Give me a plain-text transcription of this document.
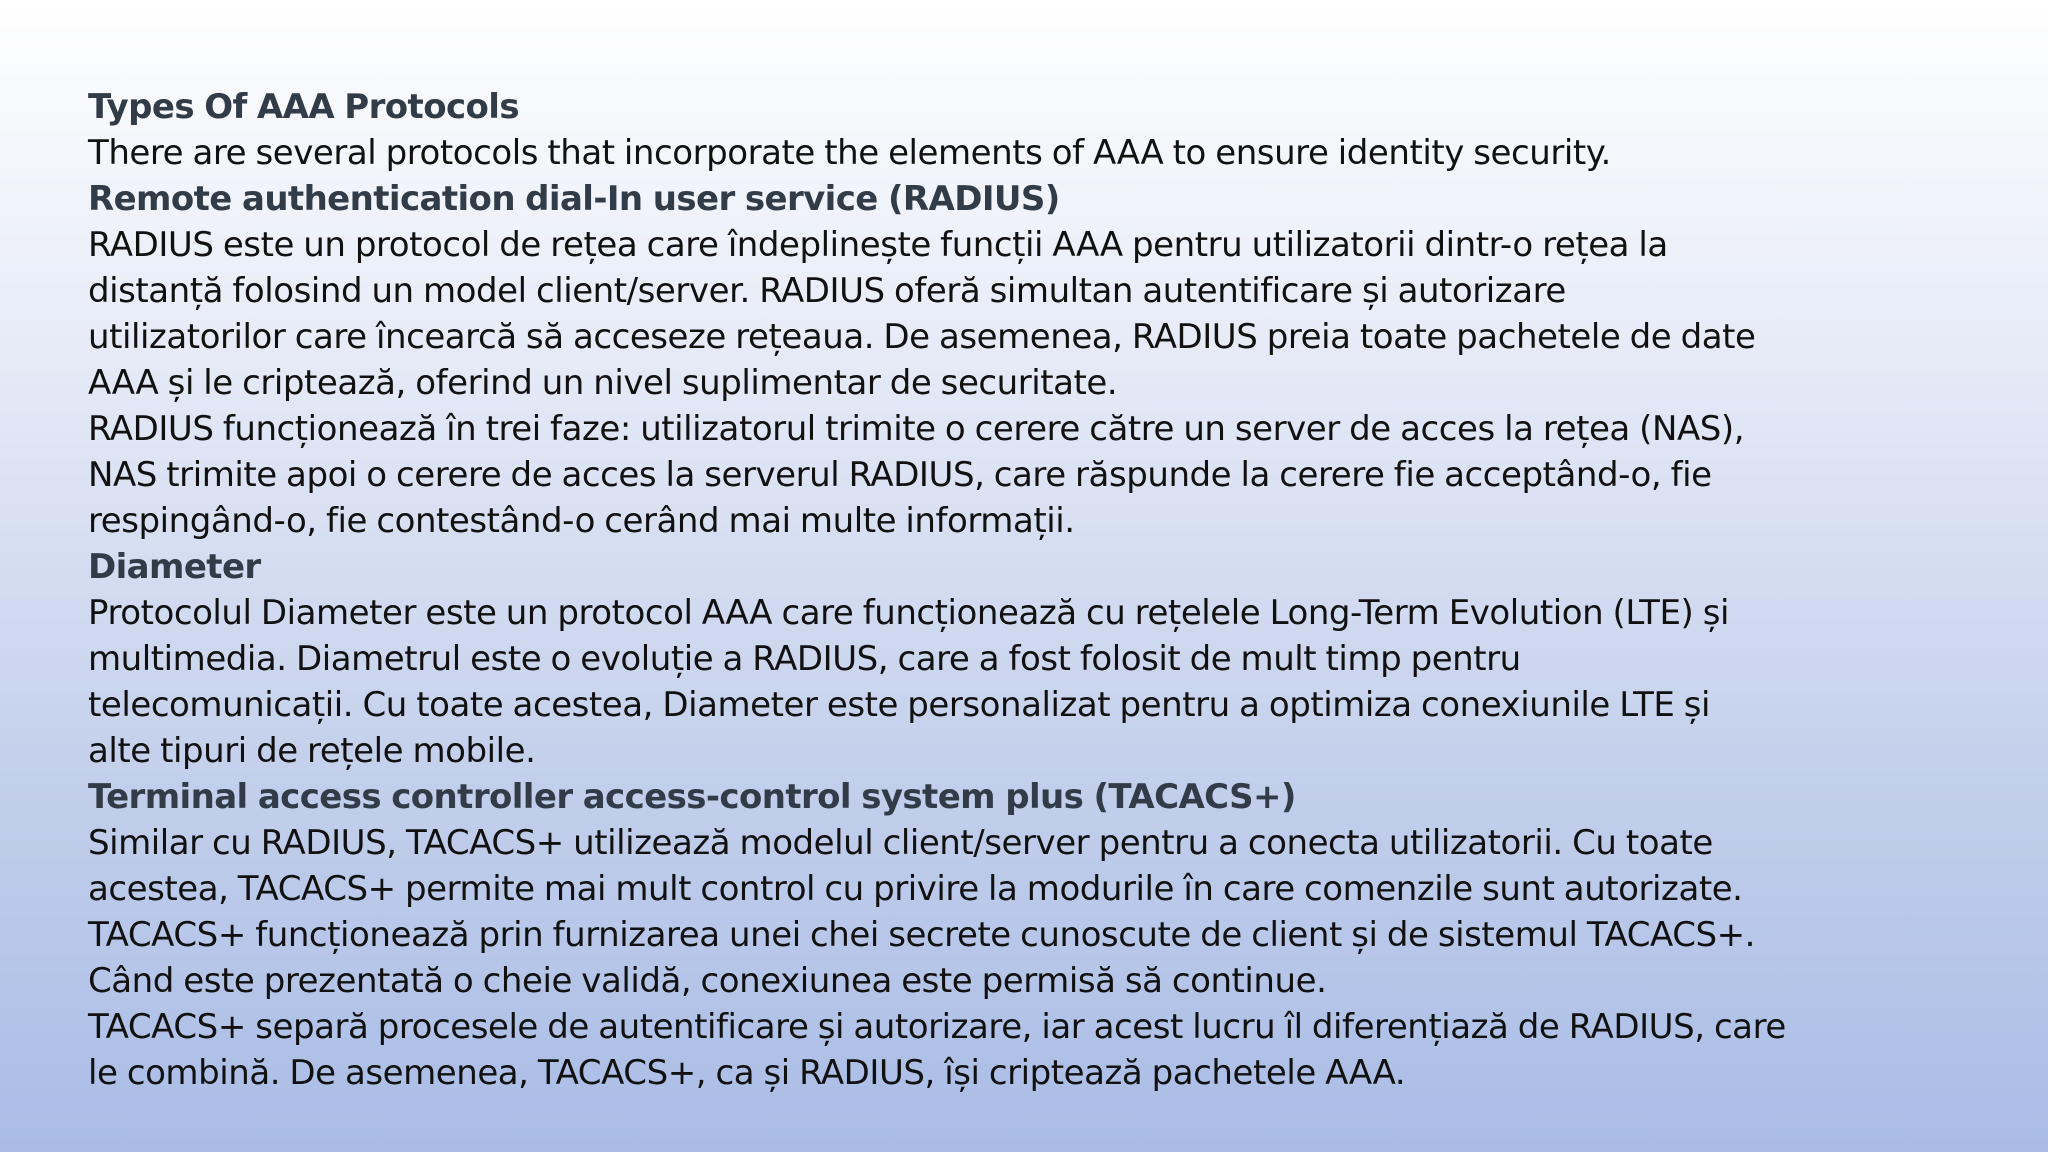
Types Of AAA Protocols
There are several protocols that incorporate the elements of AAA to ensure identity security.
Remote authentication dial-In user service (RADIUS)
RADIUS este un protocol de rețea care îndeplinește funcții AAA pentru utilizatorii dintr-o rețea la
distanță folosind un model client/server. RADIUS oferă simultan autentificare și autorizare
utilizatorilor care încearcă să acceseze rețeaua. De asemenea, RADIUS preia toate pachetele de date
AAA și le criptează, oferind un nivel suplimentar de securitate.
RADIUS funcționează în trei faze: utilizatorul trimite o cerere către un server de acces la rețea (NAS),
NAS trimite apoi o cerere de acces la serverul RADIUS, care răspunde la cerere fie acceptând-o, fie
respingând-o, fie contestând-o cerând mai multe informații.
Diameter
Protocolul Diameter este un protocol AAA care funcționează cu rețelele Long-Term Evolution (LTE) și
multimedia. Diametrul este o evoluție a RADIUS, care a fost folosit de mult timp pentru
telecomunicații. Cu toate acestea, Diameter este personalizat pentru a optimiza conexiunile LTE și
alte tipuri de rețele mobile.
Terminal access controller access-control system plus (TACACS+)
Similar cu RADIUS, TACACS+ utilizează modelul client/server pentru a conecta utilizatorii. Cu toate
acestea, TACACS+ permite mai mult control cu privire la modurile în care comenzile sunt autorizate.
TACACS+ funcționează prin furnizarea unei chei secrete cunoscute de client și de sistemul TACACS+.
Când este prezentată o cheie validă, conexiunea este permisă să continue.
TACACS+ separă procesele de autentificare și autorizare, iar acest lucru îl diferențiază de RADIUS, care
le combină. De asemenea, TACACS+, ca și RADIUS, își criptează pachetele AAA.
